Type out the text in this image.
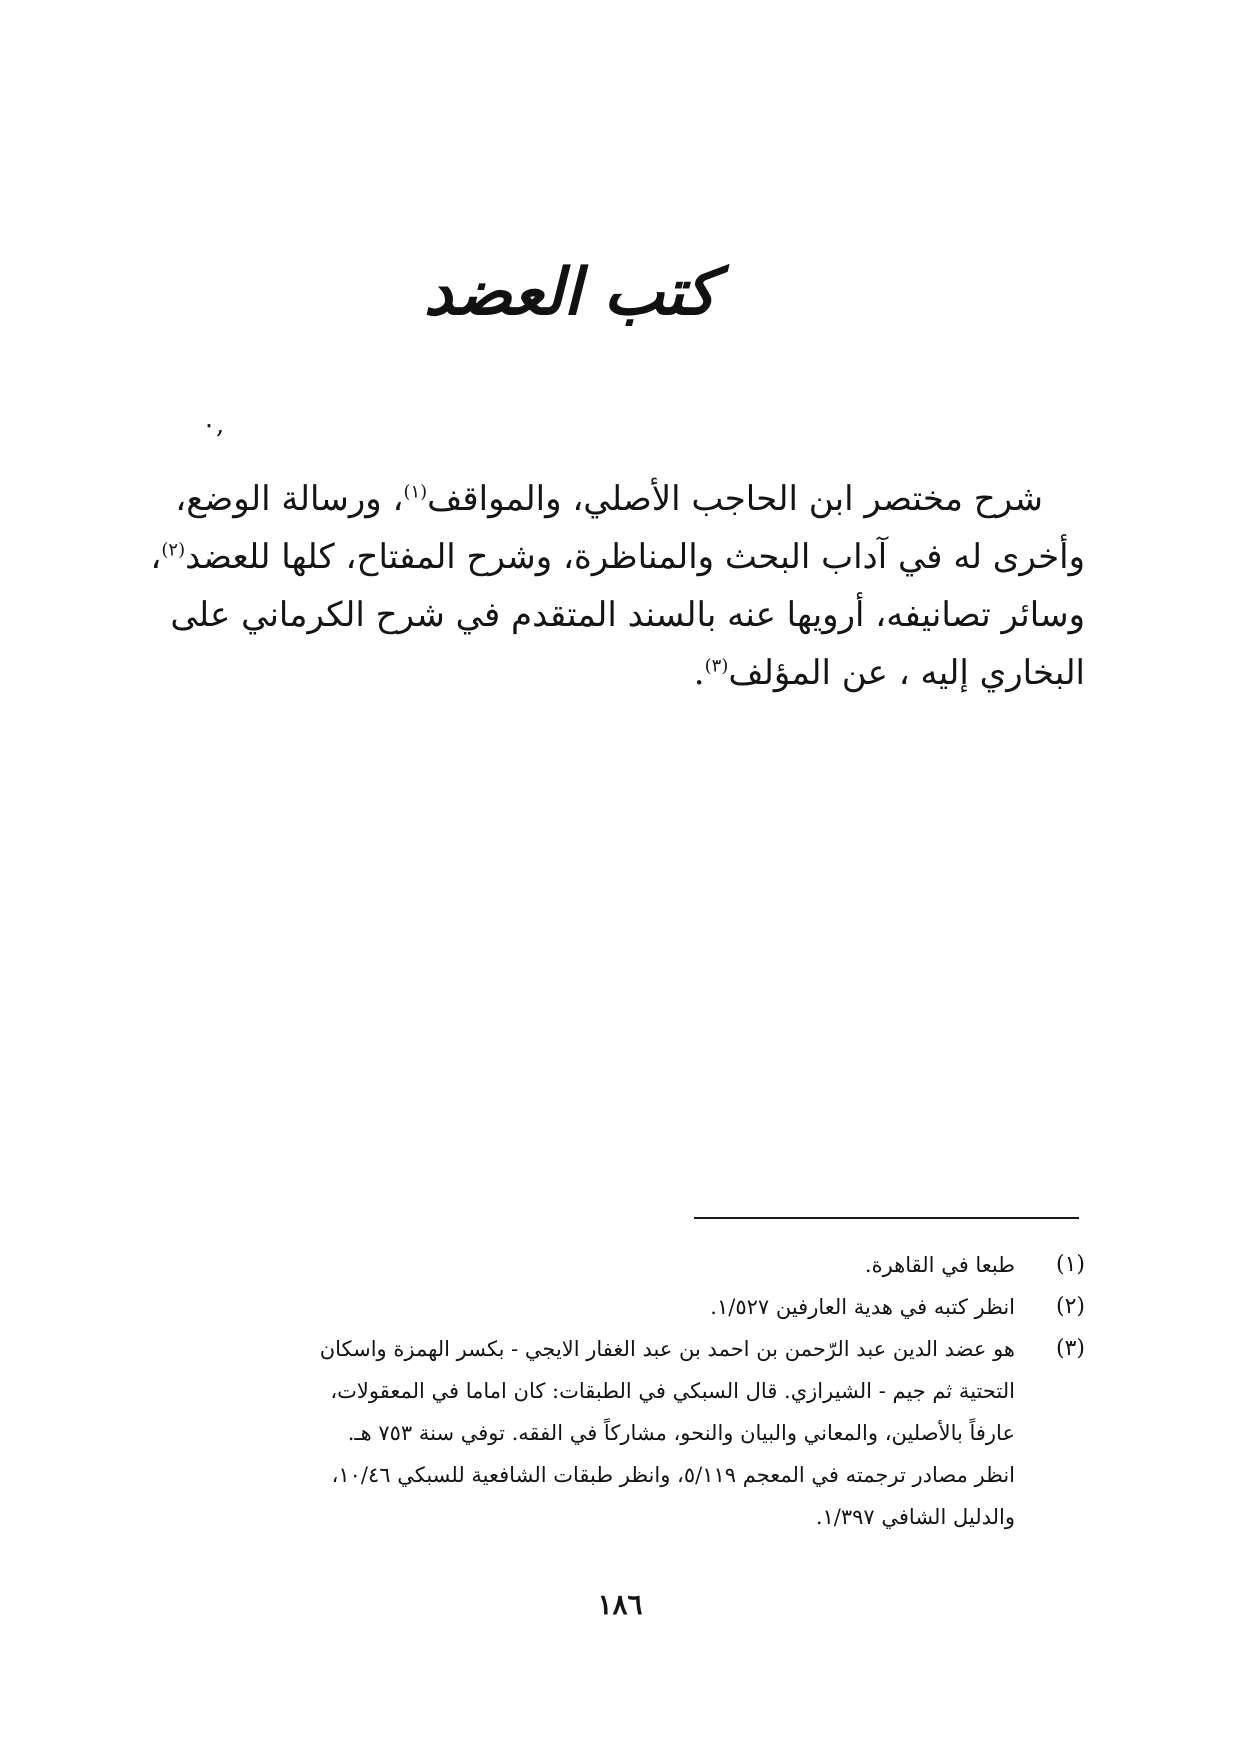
كتب العضد
٠,

شرح مختصر ابن الحاجب الأصلي، والمواقف$^{(١)}$، ورسالة الوضع،
وأخرى له في آداب البحث والمناظرة، وشرح المفتاح، كلها للعضد$^{(٢)}$،
وسائر تصانيفه، أرويها عنه بالسند المتقدم في شرح الكرماني على
البخاري إليه ، عن المؤلف$^{(٣)}$.

(١)
طبعا في القاهرة.
(٢)
انظر كتبه في هدية العارفين ١/٥٢٧.
(٣)
هو عضد الدين عبد الرّحمن بن احمد بن عبد الغفار الايجي - بكسر الهمزة واسكان
التحتية ثم جيم - الشيرازي. قال السبكي في الطبقات: كان اماما في المعقولات،
عارفاً بالأصلين، والمعاني والبيان والنحو، مشاركاً في الفقه. توفي سنة ٧٥٣ هـ.
انظر مصادر ترجمته في المعجم ٥/١١٩، وانظر طبقات الشافعية للسبكي ١٠/٤٦،
والدليل الشافي ١/٣٩٧.
١٨٦
